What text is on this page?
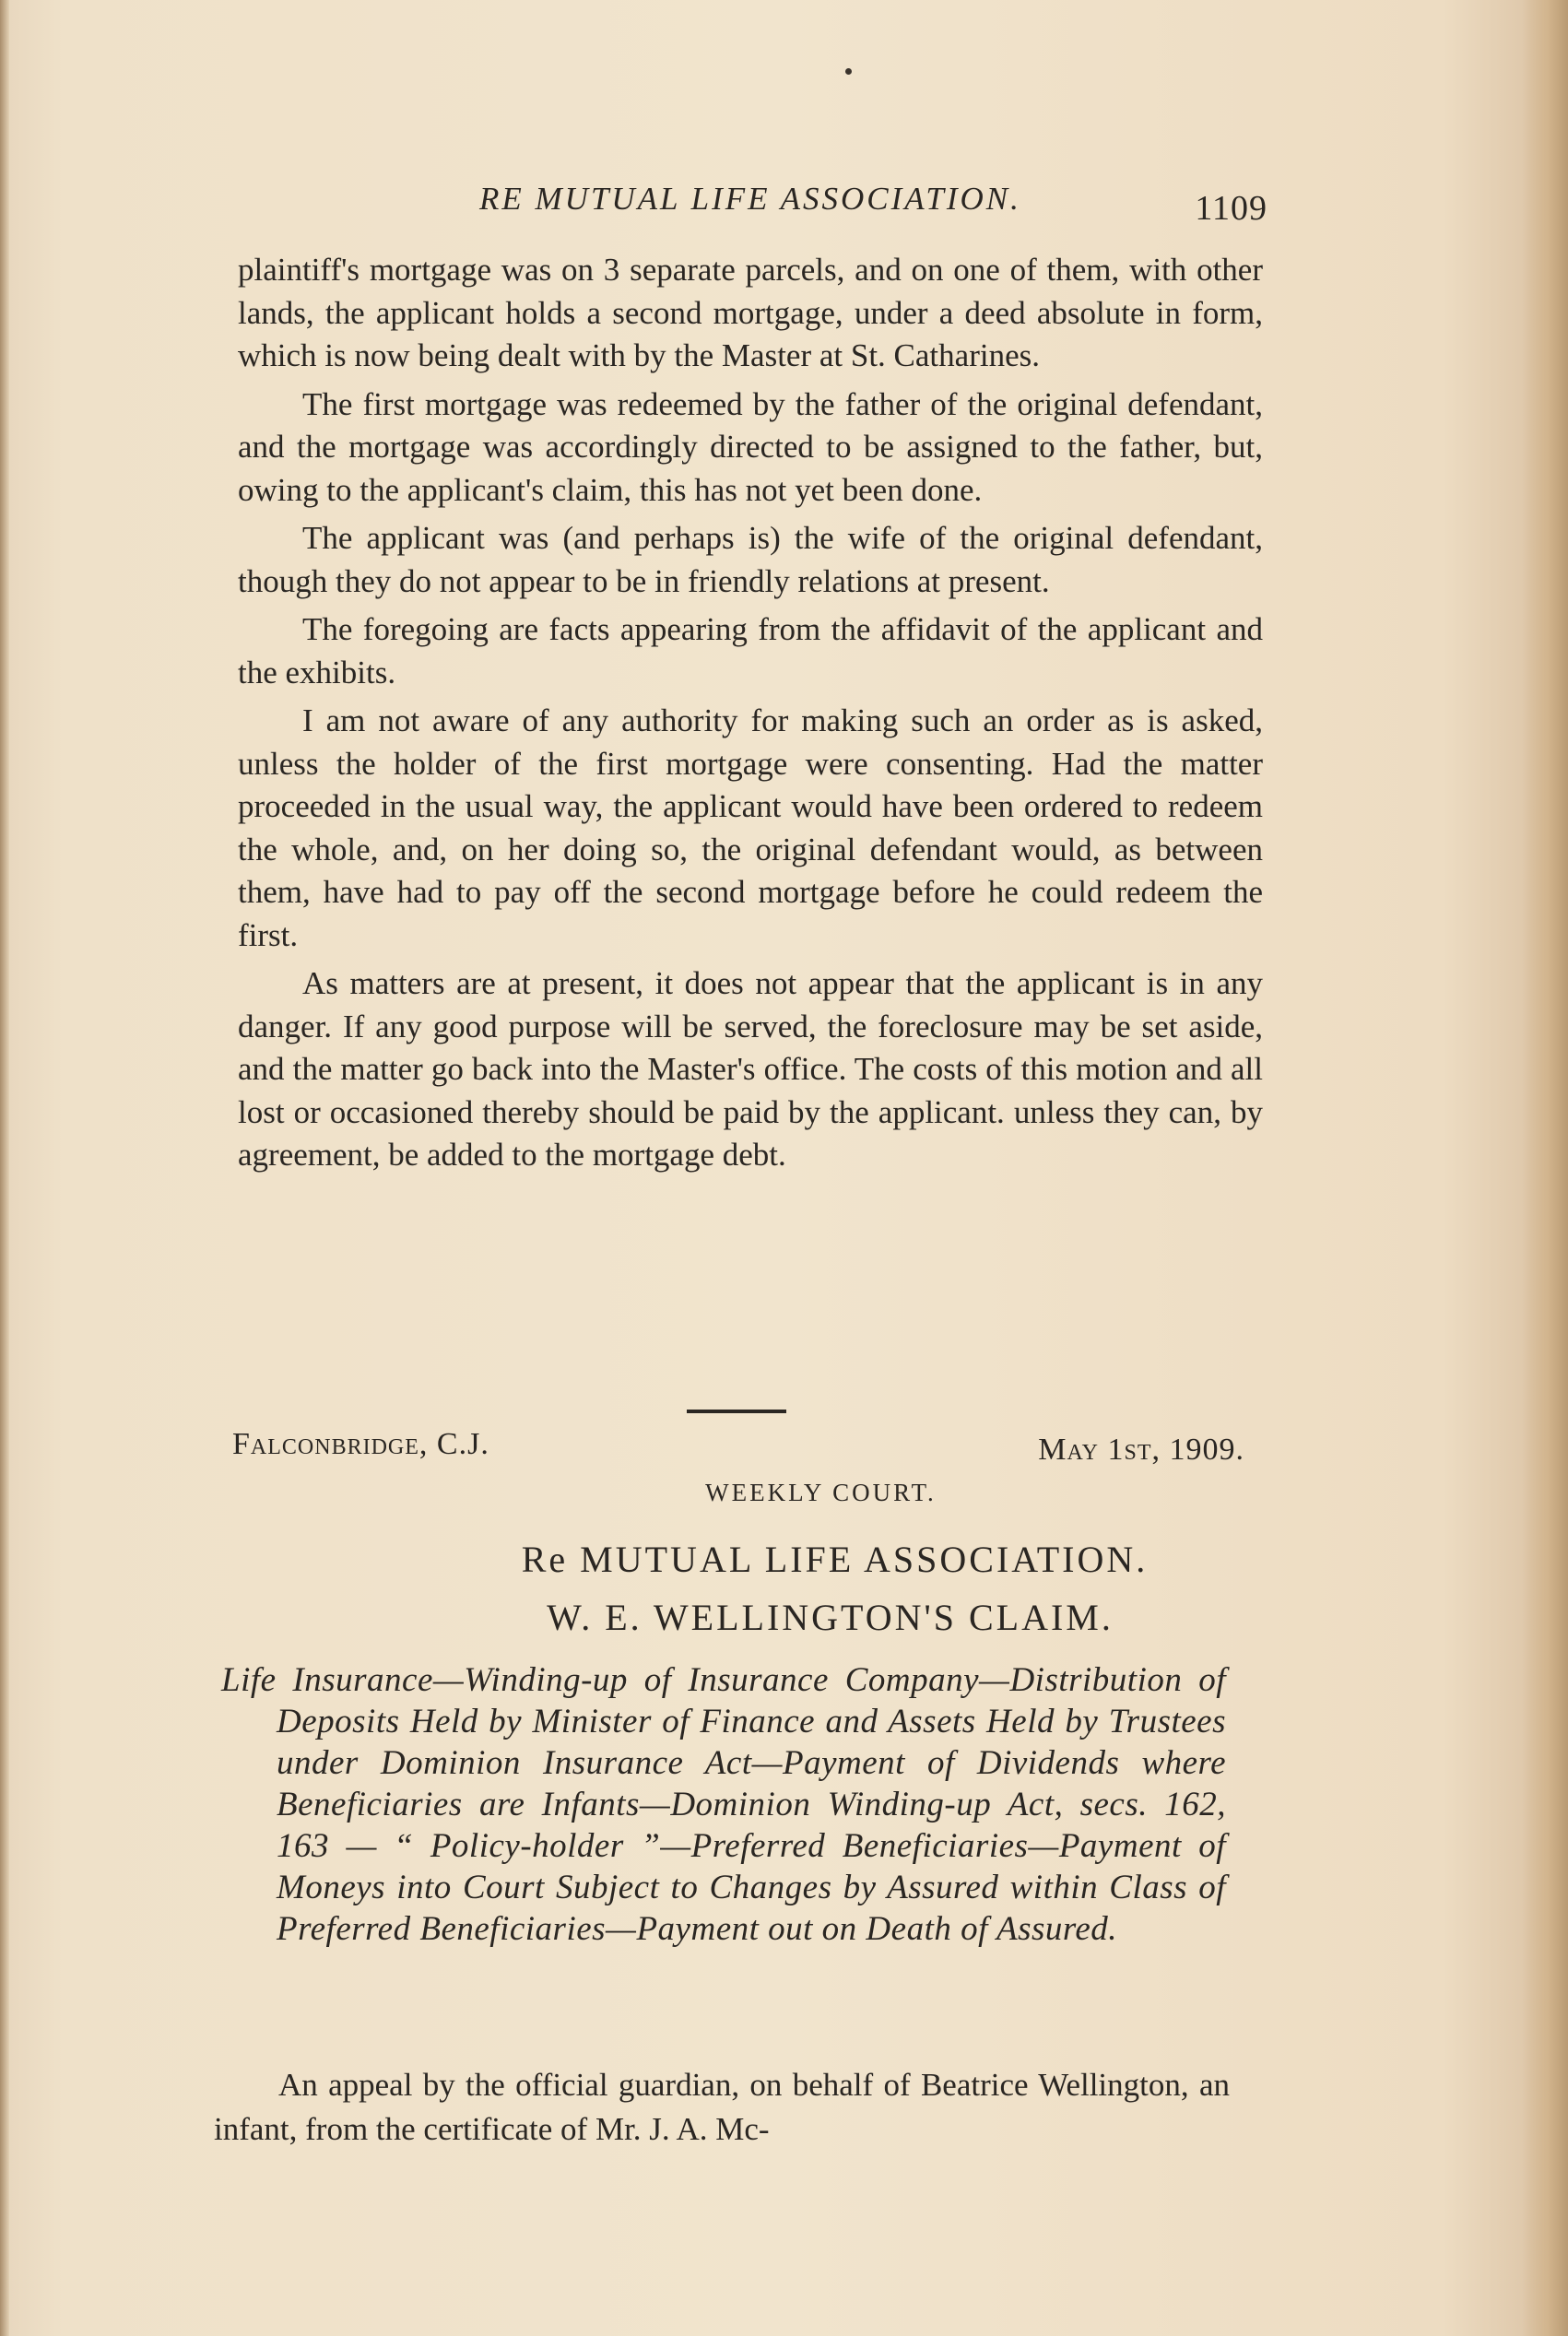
RE MUTUAL LIFE ASSOCIATION.	1109

plaintiff's mortgage was on 3 separate parcels, and on one of them, with other lands, the applicant holds a second mortgage, under a deed absolute in form, which is now being dealt with by the Master at St. Catharines.

The first mortgage was redeemed by the father of the original defendant, and the mortgage was accordingly directed to be assigned to the father, but, owing to the applicant's claim, this has not yet been done.

The applicant was (and perhaps is) the wife of the original defendant, though they do not appear to be in friendly relations at present.

The foregoing are facts appearing from the affidavit of the applicant and the exhibits.

I am not aware of any authority for making such an order as is asked, unless the holder of the first mortgage were consenting. Had the matter proceeded in the usual way, the applicant would have been ordered to redeem the whole, and, on her doing so, the original defendant would, as between them, have had to pay off the second mortgage before he could redeem the first.

As matters are at present, it does not appear that the applicant is in any danger. If any good purpose will be served, the foreclosure may be set aside, and the matter go back into the Master's office. The costs of this motion and all lost or occasioned thereby should be paid by the applicant. unless they can, by agreement, be added to the mortgage debt.

Falconbridge, C.J.	May 1st, 1909.
WEEKLY COURT.
Re MUTUAL LIFE ASSOCIATION.
W. E. WELLINGTON'S CLAIM.
Life Insurance—Winding-up of Insurance Company—Distribution of Deposits Held by Minister of Finance and Assets Held by Trustees under Dominion Insurance Act—Payment of Dividends where Beneficiaries are Infants—Dominion Winding-up Act, secs. 162, 163 — “ Policy-holder ”—Preferred Beneficiaries—Payment of Moneys into Court Subject to Changes by Assured within Class of Preferred Beneficiaries—Payment out on Death of Assured.

An appeal by the official guardian, on behalf of Beatrice Wellington, an infant, from the certificate of Mr. J. A. Mc-
